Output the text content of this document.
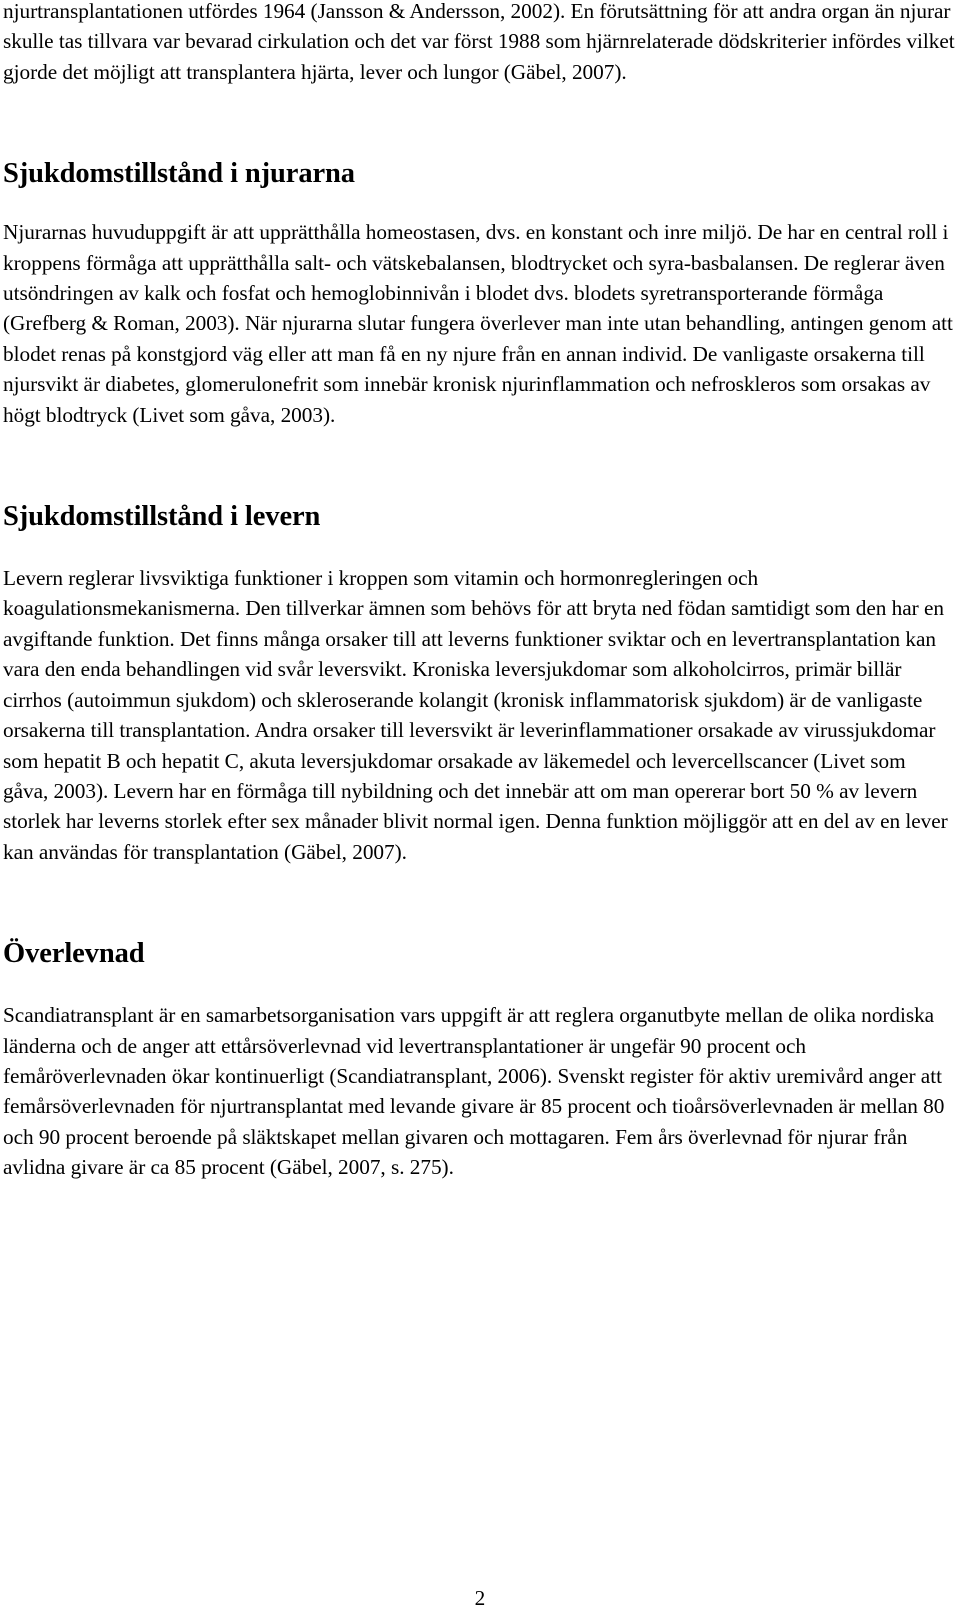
njurtransplantationen utfördes 1964 (Jansson & Andersson, 2002). En förutsättning för att andra organ än njurar skulle tas tillvara var bevarad cirkulation och det var först 1988 som hjärnrelaterade dödskriterier infördes vilket gjorde det möjligt att transplantera hjärta, lever och lungor (Gäbel, 2007).

Sjukdomstillstånd i njurarna

Njurarnas huvuduppgift är att upprätthålla homeostasen, dvs. en konstant och inre miljö. De har en central roll i kroppens förmåga att upprätthålla salt- och vätskebalansen, blodtrycket och syra-basbalansen. De reglerar även utsöndringen av kalk och fosfat och hemoglobinnivån i blodet dvs. blodets syretransporterande förmåga (Grefberg & Roman, 2003). När njurarna slutar fungera överlever man inte utan behandling, antingen genom att blodet renas på konstgjord väg eller att man få en ny njure från en annan individ. De vanligaste orsakerna till njursvikt är diabetes, glomerulonefrit som innebär kronisk njurinflammation och nefroskleros som orsakas av högt blodtryck (Livet som gåva, 2003).

Sjukdomstillstånd i levern

Levern reglerar livsviktiga funktioner i kroppen som vitamin och hormonregleringen och koagulationsmekanismerna. Den tillverkar ämnen som behövs för att bryta ned födan samtidigt som den har en avgiftande funktion. Det finns många orsaker till att leverns funktioner sviktar och en levertransplantation kan vara den enda behandlingen vid svår leversvikt. Kroniska leversjukdomar som alkoholcirros, primär billär cirrhos (autoimmun sjukdom) och skleroserande kolangit (kronisk inflammatorisk sjukdom) är de vanligaste orsakerna till transplantation. Andra orsaker till leversvikt är leverinflammationer orsakade av virussjukdomar som hepatit B och hepatit C, akuta leversjukdomar orsakade av läkemedel och levercellscancer (Livet som gåva, 2003). Levern har en förmåga till nybildning och det innebär att om man opererar bort 50 % av levern storlek har leverns storlek efter sex månader blivit normal igen. Denna funktion möjliggör att en del av en lever kan användas för transplantation (Gäbel, 2007).

Överlevnad

Scandiatransplant är en samarbetsorganisation vars uppgift är att reglera organutbyte mellan de olika nordiska länderna och de anger att ettårsöverlevnad vid levertransplantationer är ungefär 90 procent och femåröverlevnaden ökar kontinuerligt (Scandiatransplant, 2006). Svenskt register för aktiv uremivård anger att femårsöverlevnaden för njurtransplantat med levande givare är 85 procent och tioårsöverlevnaden är mellan 80 och 90 procent beroende på släktskapet mellan givaren och mottagaren. Fem års överlevnad för njurar från avlidna givare är ca 85 procent (Gäbel, 2007, s. 275).

2
